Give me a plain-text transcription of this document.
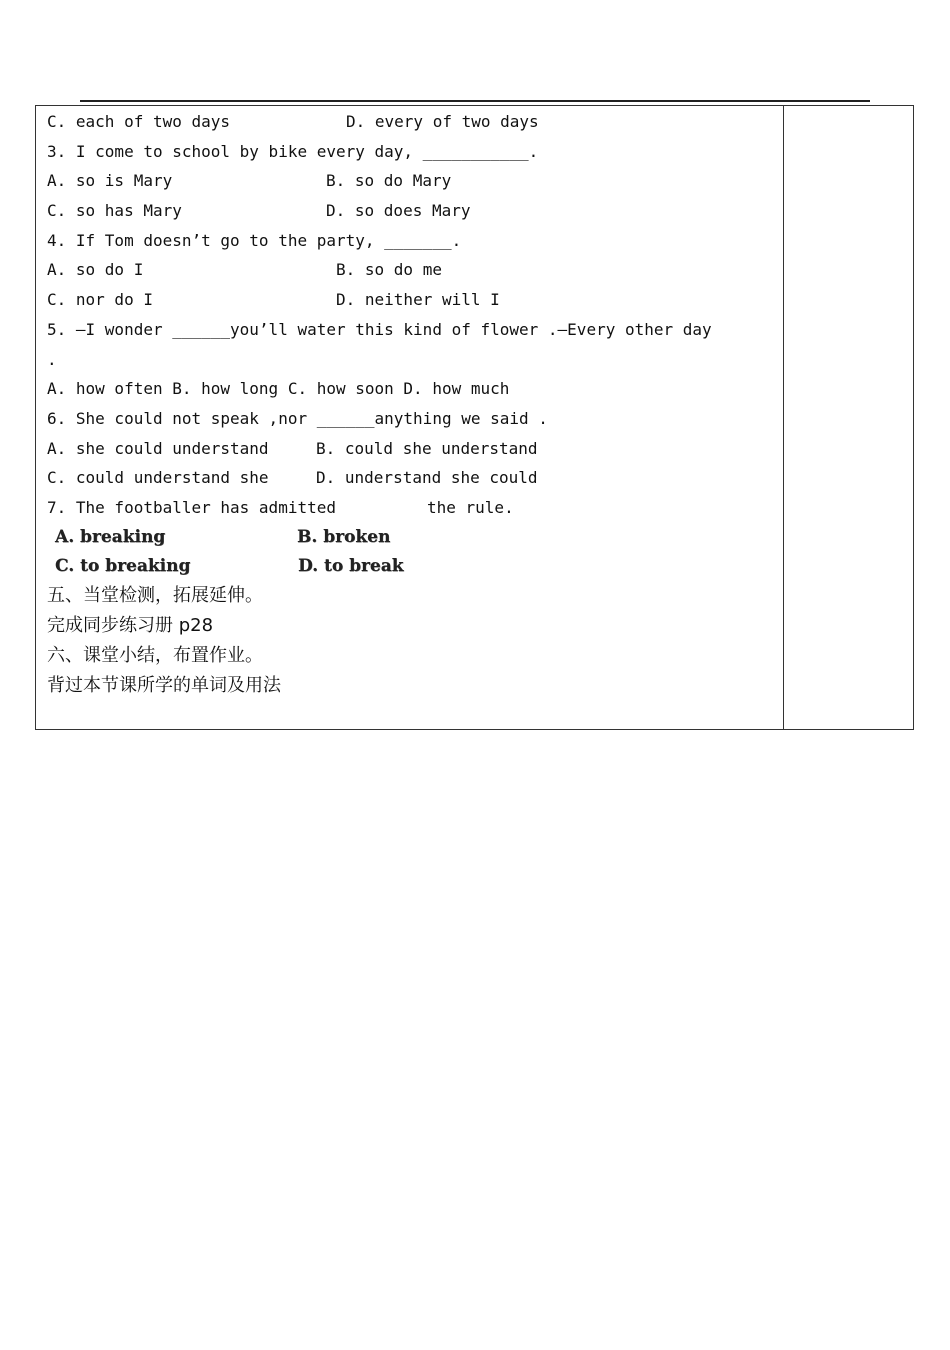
C. each of two days

	D. every of two days

3. I come to school by bike every day, ___________.

A. so is Mary

	B. so do Mary

C. so has Mary

	D. so does Mary

4. If Tom doesn’t go to the party, _______.

A. so do I

	B. so do me

C. nor do I

	D. neither will I

5. —I wonder ______you’ll water this kind of flower .—Every other day

.

A. how often B. how long C. how soon D. how much

6. She could not speak ,nor ______anything we said .

A. she could understand

	B. could she understand

C. could understand she

	D. understand she could

7. The footballer has admitted

	the rule.

A. breaking	B. broken
C. to breaking	D. to break
五、当堂检测，拓展延伸。
完成同步练习册 p28
六、课堂小结，布置作业。
背过本节课所学的单词及用法
